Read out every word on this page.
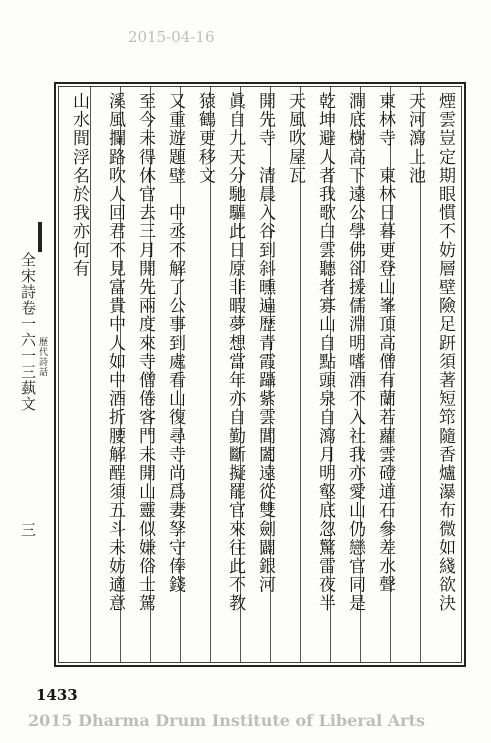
2015-04-16
全宋詩卷一六一三蓺文 歷代詩話
三	煙雲豈定期眼慣不妨層壁險足趼須著短筇隨香爐瀑布微如綫欲決
天河瀉上池
東林寺　東林日暮更登山峯頂高僧有蘭若蘿雲磴道石參差水聲
澗底樹高下遠公學佛卻援儒淵明嗜酒不入社我亦愛山仍戀官同是
乾坤避人者我歌白雲聽者寡山自點頭泉自瀉月明壑底忽驚雷夜半
天風吹屋瓦
開先寺　清晨入谷到斜曛遍歷青霞躡紫雲閶闔遠從雙劍闢銀河
眞自九天分馳驅此日原非暇夢想當年亦自勤斷擬罷官來往此不教
猿鶴更移文
又重遊題壁　中丞不解了公事到處看山復尋寺尚爲妻孥守俸錢
至今未得休官去三月開先兩度來寺僧倦客門未開山靈似嫌俗士駕
溪風攔路吹人回君不見富貴中人如中酒折腰解酲須五斗未妨適意
山水間浮名於我亦何有
1433
2015 Dharma Drum Institute of Liberal Arts
